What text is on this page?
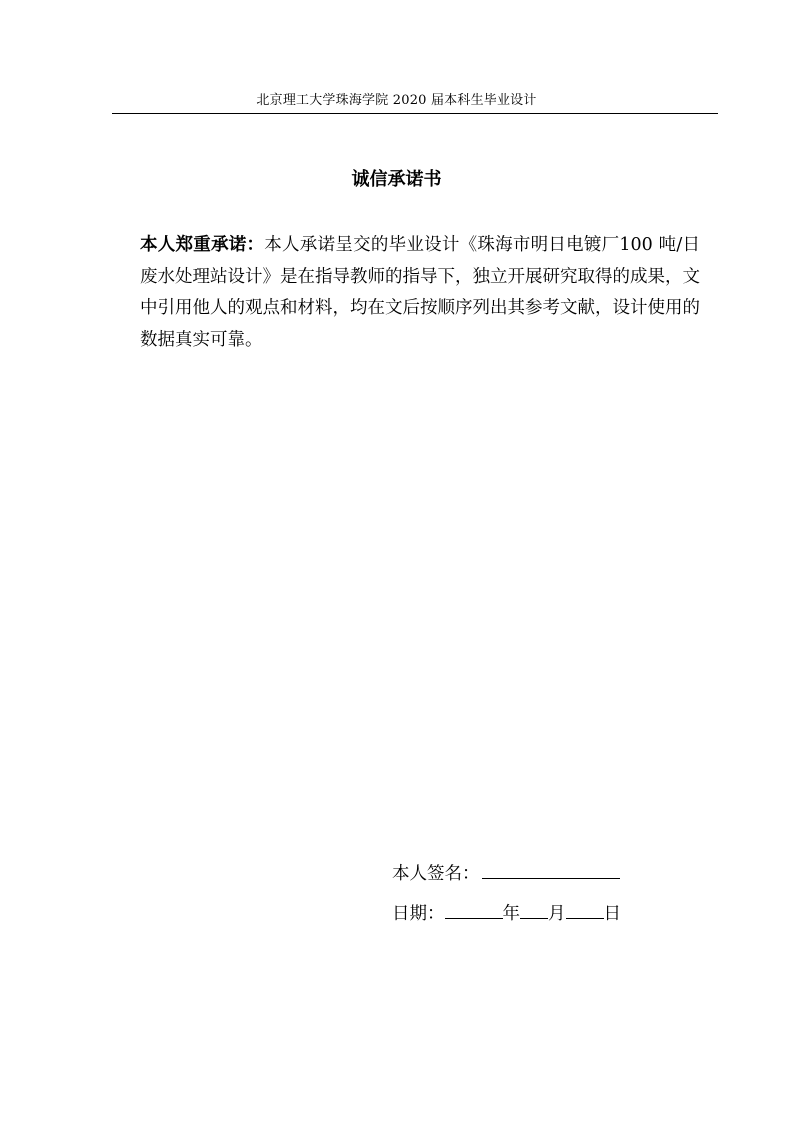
北京理工大学珠海学院 2020 届本科生毕业设计
诚信承诺书

本人郑重承诺：本人承诺呈交的毕业设计《珠海市明日电镀厂100 吨/日废水处理站设计》是在指导教师的指导下，独立开展研究取得的成果，文中引用他人的观点和材料，均在文后按顺序列出其参考文献，设计使用的数据真实可靠。

本人签名：
日期：	年 月 日
